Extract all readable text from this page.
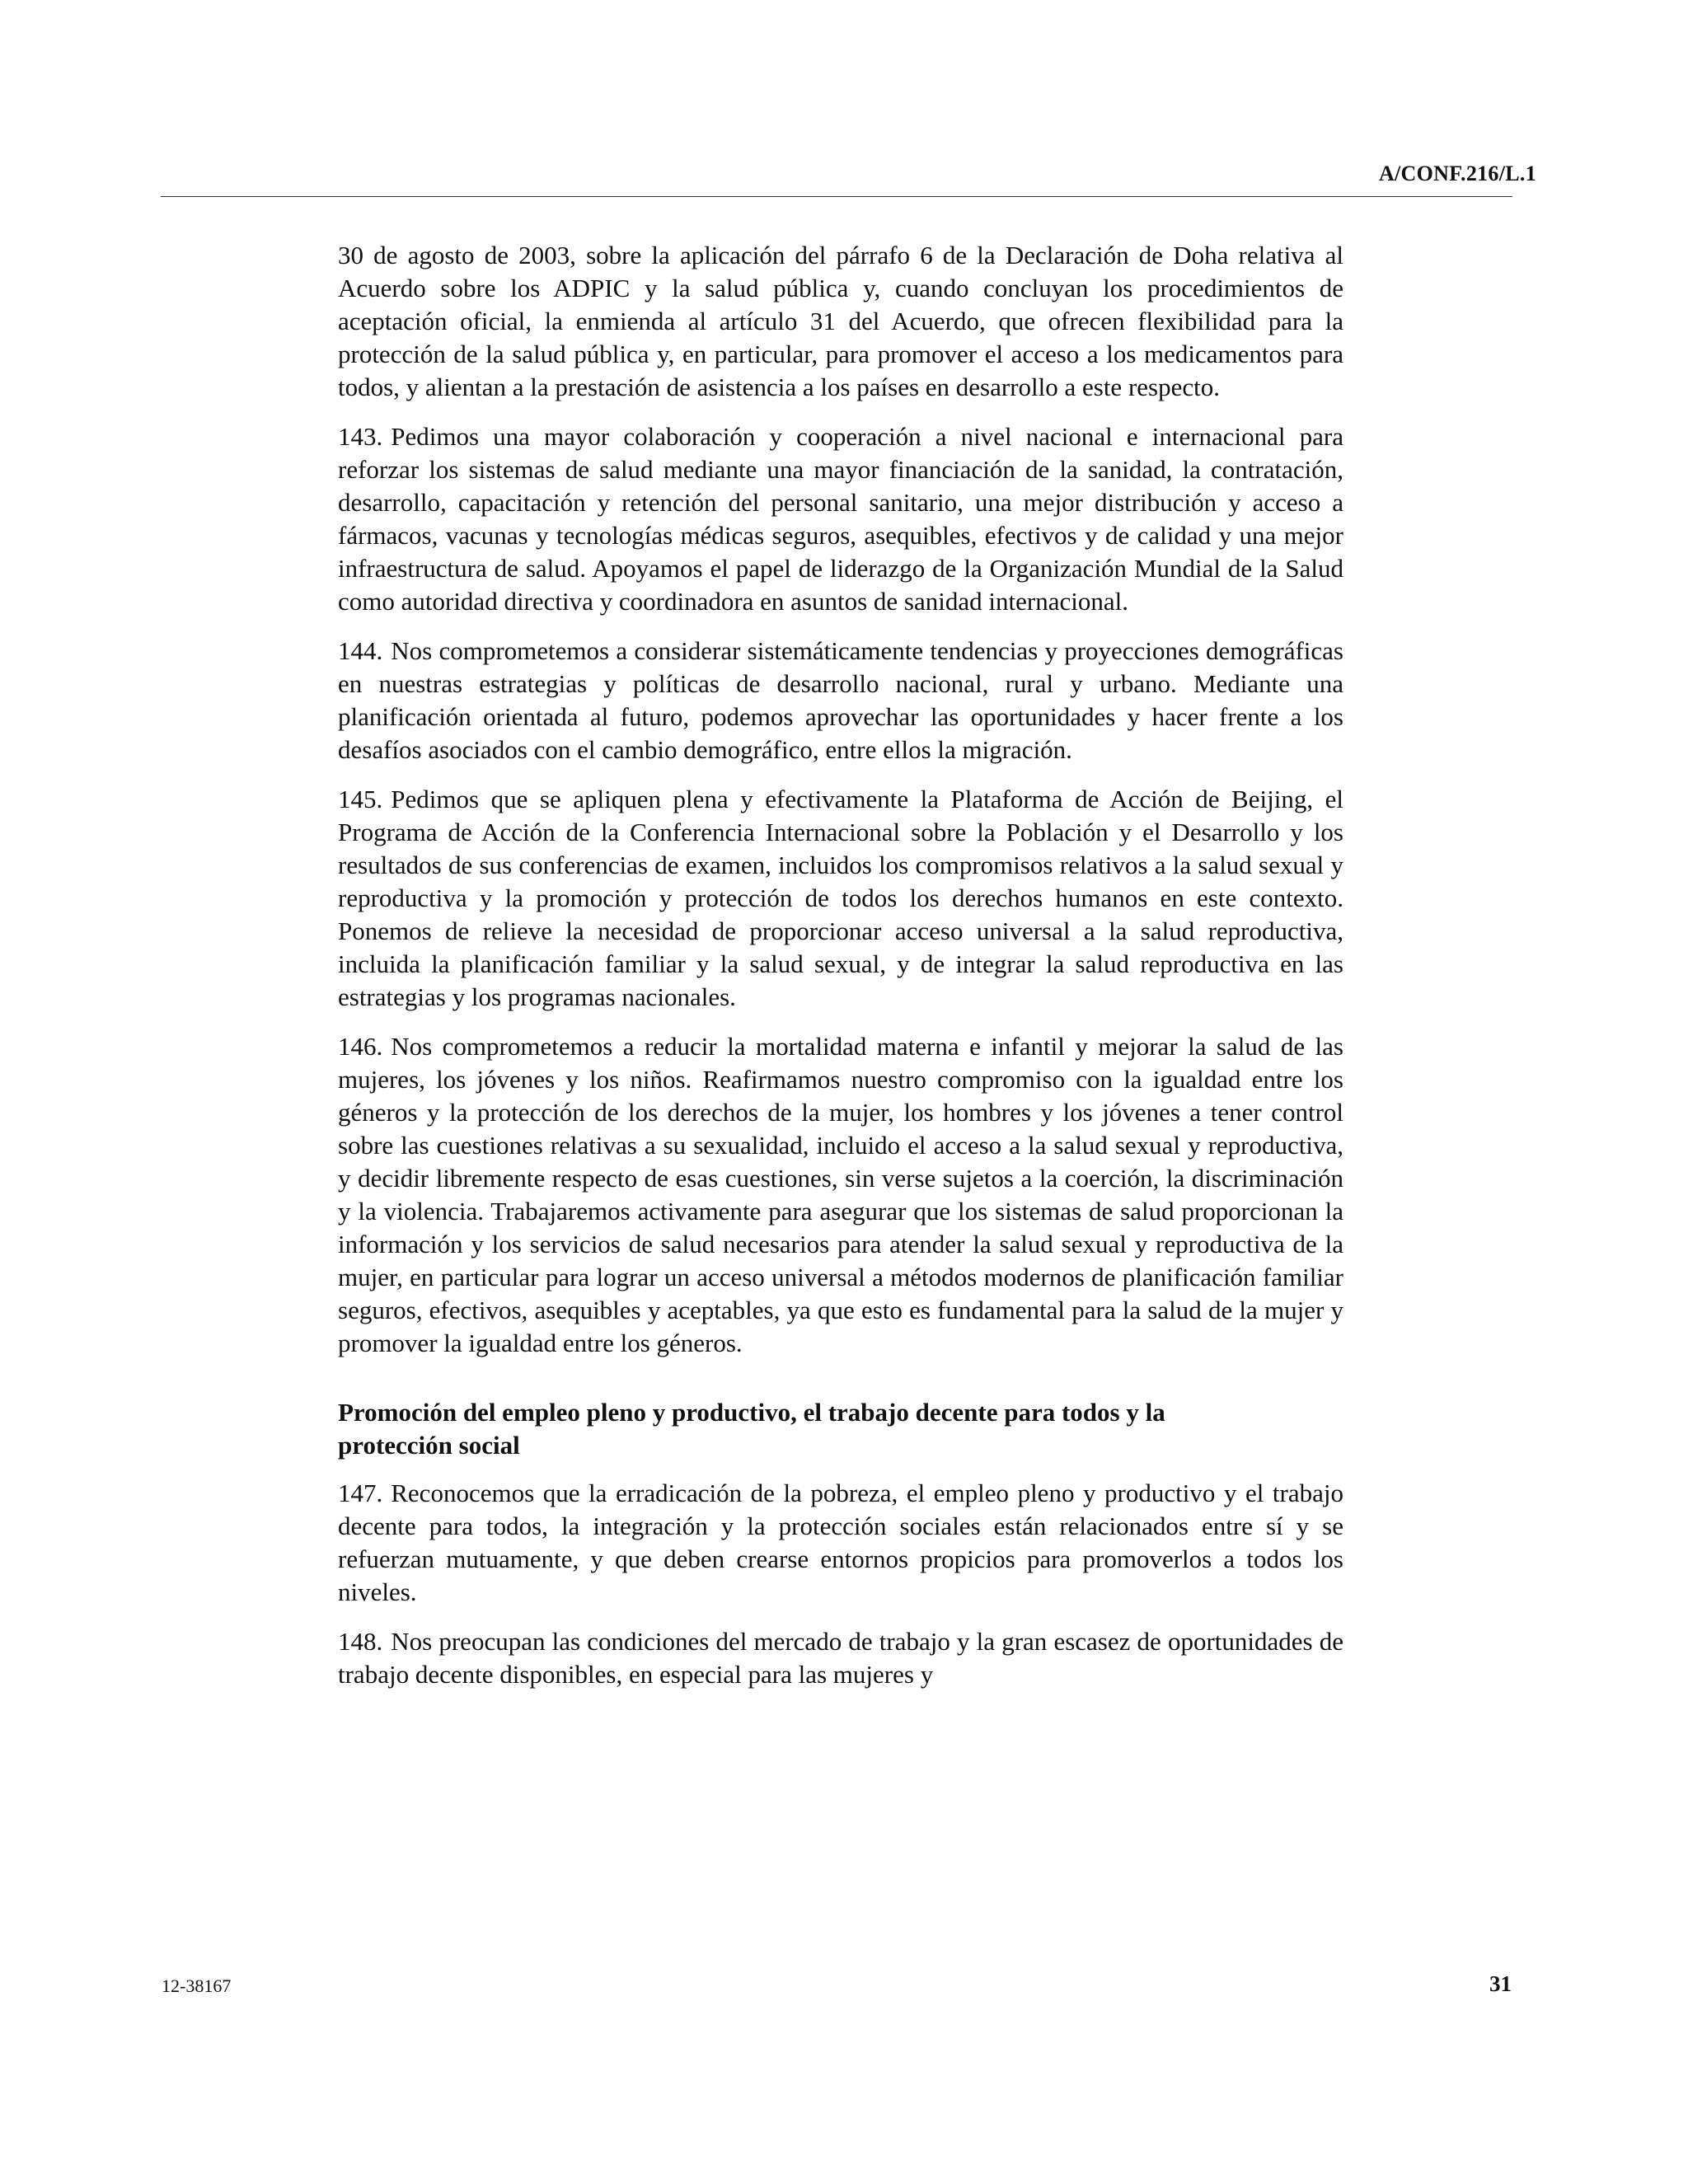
A/CONF.216/L.1

30 de agosto de 2003, sobre la aplicación del párrafo 6 de la Declaración de Doha relativa al Acuerdo sobre los ADPIC y la salud pública y, cuando concluyan los procedimientos de aceptación oficial, la enmienda al artículo 31 del Acuerdo, que ofrecen flexibilidad para la protección de la salud pública y, en particular, para promover el acceso a los medicamentos para todos, y alientan a la prestación de asistencia a los países en desarrollo a este respecto.

143. Pedimos una mayor colaboración y cooperación a nivel nacional e internacional para reforzar los sistemas de salud mediante una mayor financiación de la sanidad, la contratación, desarrollo, capacitación y retención del personal sanitario, una mejor distribución y acceso a fármacos, vacunas y tecnologías médicas seguros, asequibles, efectivos y de calidad y una mejor infraestructura de salud. Apoyamos el papel de liderazgo de la Organización Mundial de la Salud como autoridad directiva y coordinadora en asuntos de sanidad internacional.

144. Nos comprometemos a considerar sistemáticamente tendencias y proyecciones demográficas en nuestras estrategias y políticas de desarrollo nacional, rural y urbano. Mediante una planificación orientada al futuro, podemos aprovechar las oportunidades y hacer frente a los desafíos asociados con el cambio demográfico, entre ellos la migración.

145. Pedimos que se apliquen plena y efectivamente la Plataforma de Acción de Beijing, el Programa de Acción de la Conferencia Internacional sobre la Población y el Desarrollo y los resultados de sus conferencias de examen, incluidos los compromisos relativos a la salud sexual y reproductiva y la promoción y protección de todos los derechos humanos en este contexto. Ponemos de relieve la necesidad de proporcionar acceso universal a la salud reproductiva, incluida la planificación familiar y la salud sexual, y de integrar la salud reproductiva en las estrategias y los programas nacionales.

146. Nos comprometemos a reducir la mortalidad materna e infantil y mejorar la salud de las mujeres, los jóvenes y los niños. Reafirmamos nuestro compromiso con la igualdad entre los géneros y la protección de los derechos de la mujer, los hombres y los jóvenes a tener control sobre las cuestiones relativas a su sexualidad, incluido el acceso a la salud sexual y reproductiva, y decidir libremente respecto de esas cuestiones, sin verse sujetos a la coerción, la discriminación y la violencia. Trabajaremos activamente para asegurar que los sistemas de salud proporcionan la información y los servicios de salud necesarios para atender la salud sexual y reproductiva de la mujer, en particular para lograr un acceso universal a métodos modernos de planificación familiar seguros, efectivos, asequibles y aceptables, ya que esto es fundamental para la salud de la mujer y promover la igualdad entre los géneros.

Promoción del empleo pleno y productivo, el trabajo decente para todos y la protección social

147. Reconocemos que la erradicación de la pobreza, el empleo pleno y productivo y el trabajo decente para todos, la integración y la protección sociales están relacionados entre sí y se refuerzan mutuamente, y que deben crearse entornos propicios para promoverlos a todos los niveles.

148. Nos preocupan las condiciones del mercado de trabajo y la gran escasez de oportunidades de trabajo decente disponibles, en especial para las mujeres y

12-38167	31
